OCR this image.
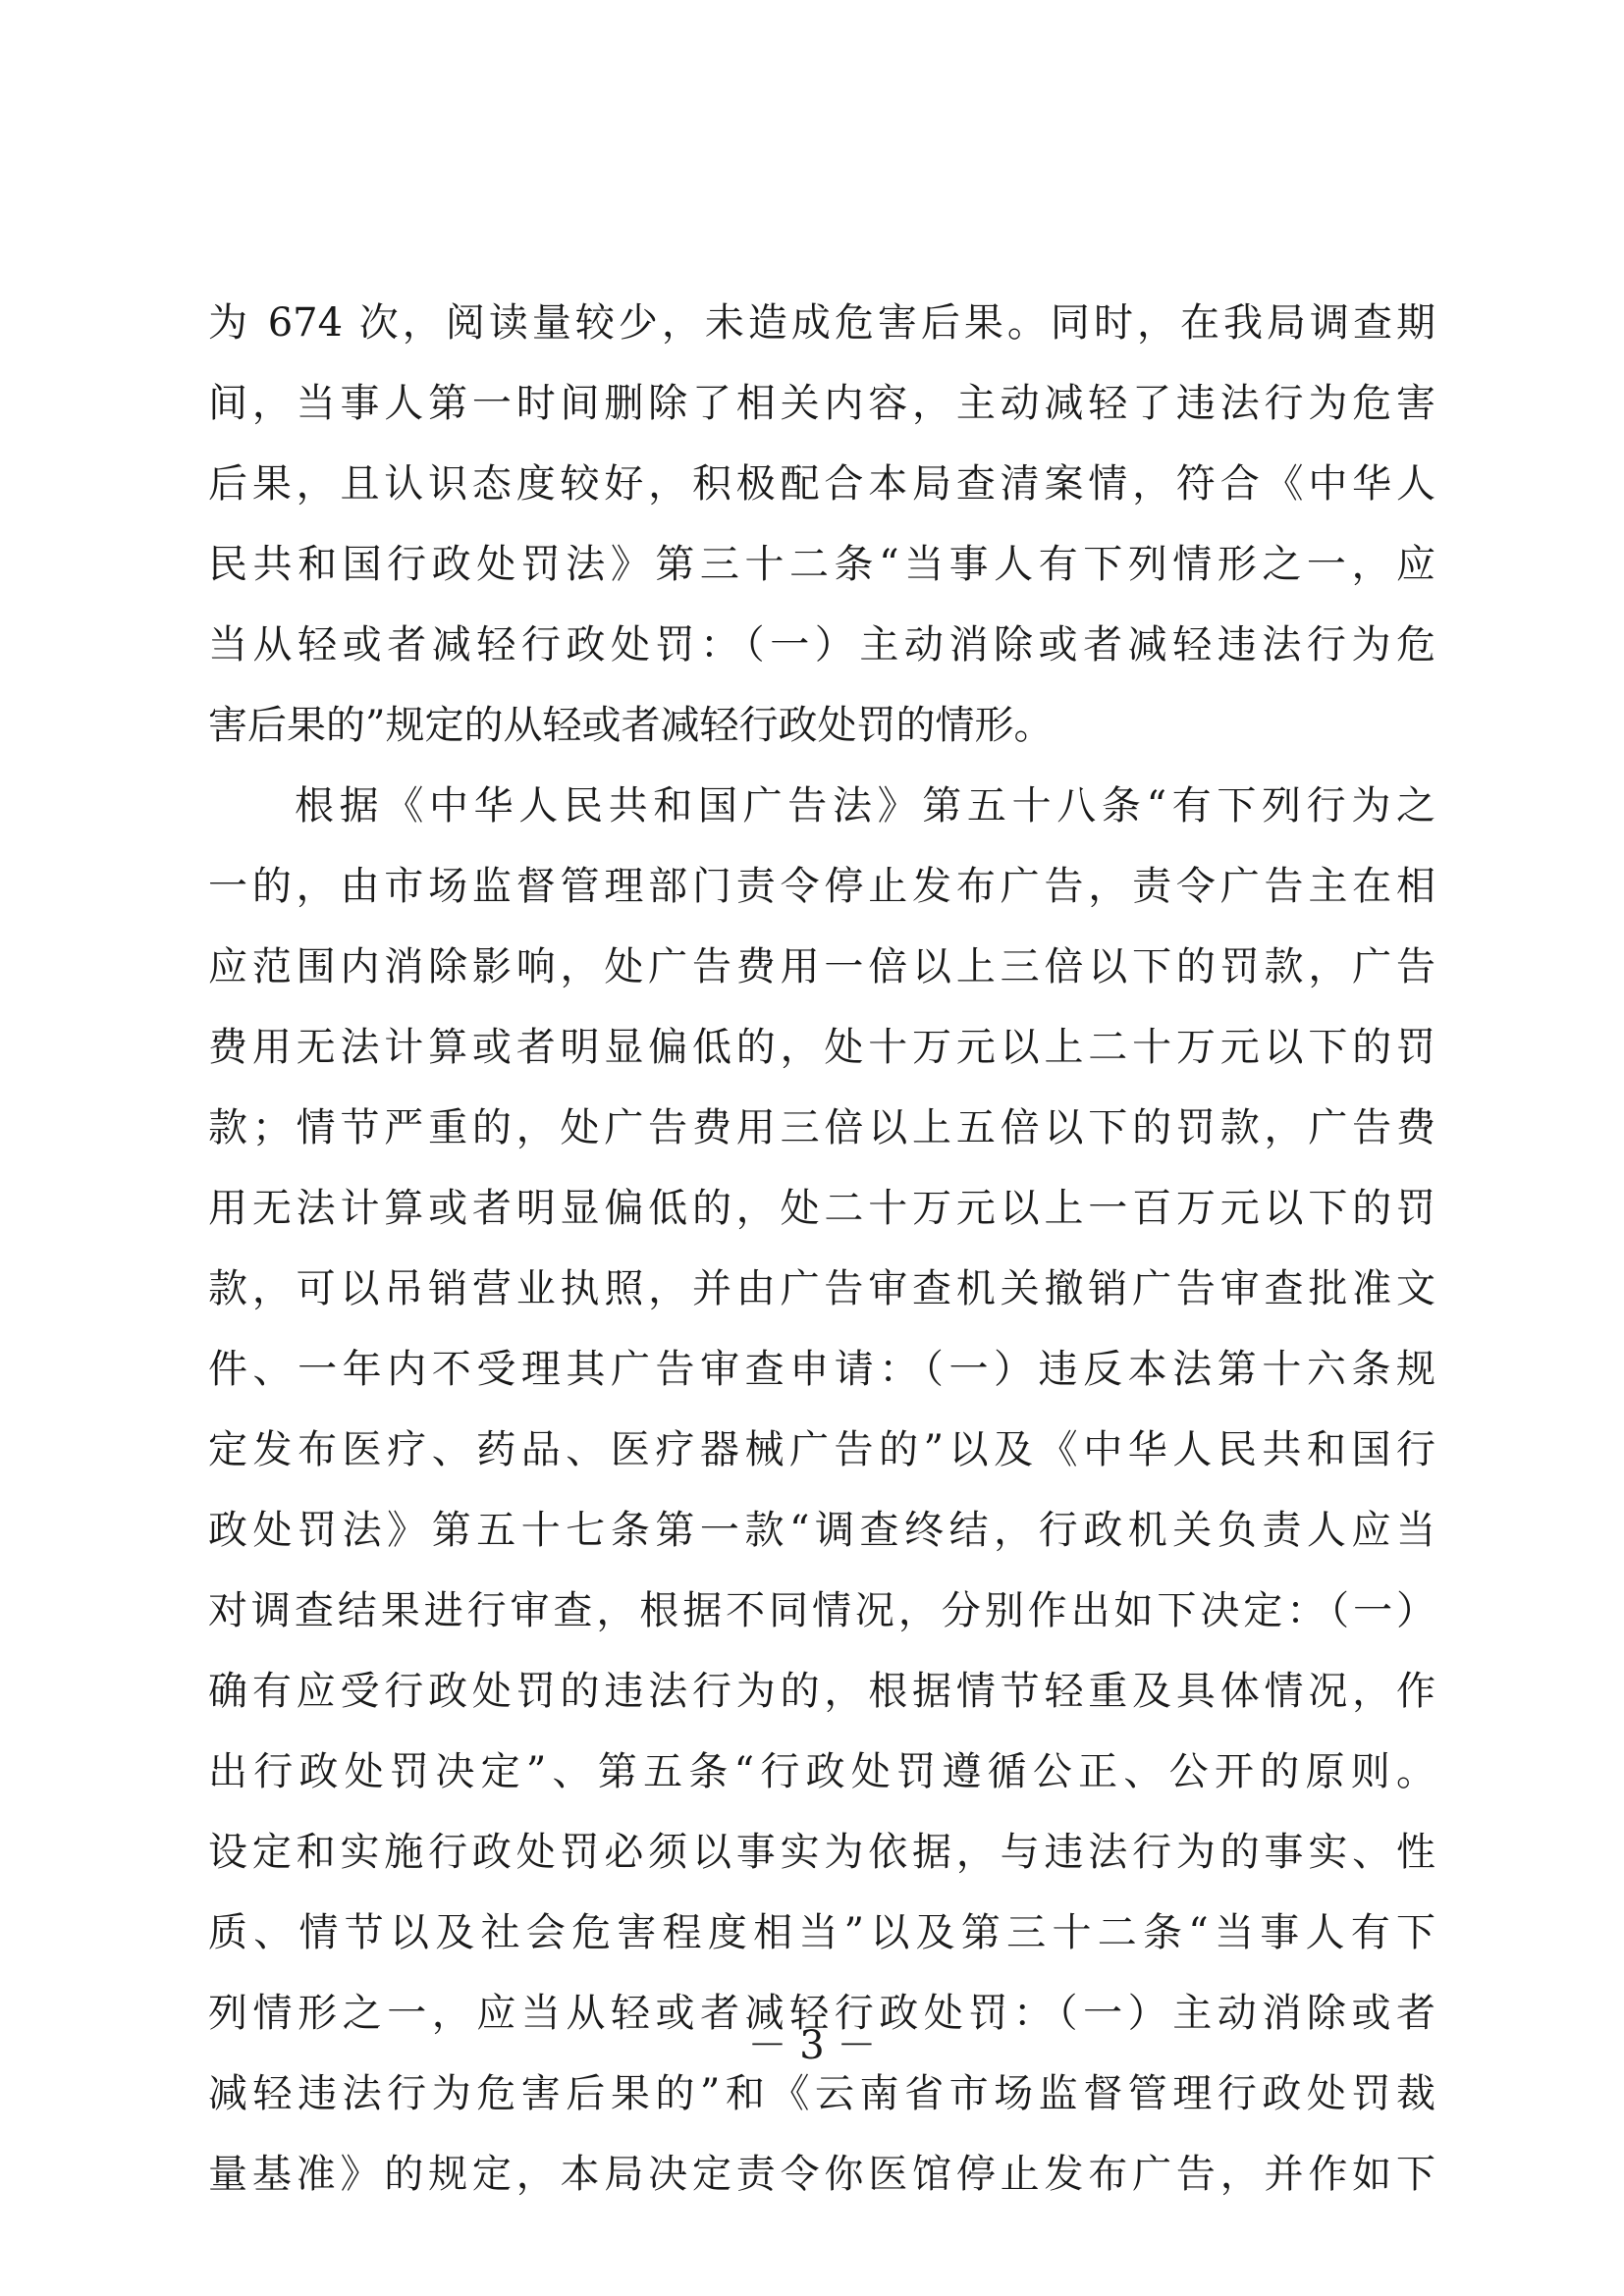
为 674 次，阅读量较少，未造成危害后果。同时，在我局调查期
间，当事人第一时间删除了相关内容，主动减轻了违法行为危害
后果，且认识态度较好，积极配合本局查清案情，符合《中华人
民共和国行政处罚法》第三十二条“当事人有下列情形之一，应
当从轻或者减轻行政处罚：（一）主动消除或者减轻违法行为危
害后果的”规定的从轻或者减轻行政处罚的情形。
根据《中华人民共和国广告法》第五十八条“有下列行为之
一的，由市场监督管理部门责令停止发布广告，责令广告主在相
应范围内消除影响，处广告费用一倍以上三倍以下的罚款，广告
费用无法计算或者明显偏低的，处十万元以上二十万元以下的罚
款；情节严重的，处广告费用三倍以上五倍以下的罚款，广告费
用无法计算或者明显偏低的，处二十万元以上一百万元以下的罚
款，可以吊销营业执照，并由广告审查机关撤销广告审查批准文
件、一年内不受理其广告审查申请：（一）违反本法第十六条规
定发布医疗、药品、医疗器械广告的”以及《中华人民共和国行
政处罚法》第五十七条第一款“调查终结，行政机关负责人应当
对调查结果进行审查，根据不同情况，分别作出如下决定：（一）
确有应受行政处罚的违法行为的，根据情节轻重及具体情况，作
出行政处罚决定”、第五条“行政处罚遵循公正、公开的原则。
设定和实施行政处罚必须以事实为依据，与违法行为的事实、性
质、情节以及社会危害程度相当”以及第三十二条“当事人有下
列情形之一，应当从轻或者减轻行政处罚：（一）主动消除或者
减轻违法行为危害后果的”和《云南省市场监督管理行政处罚裁
量基准》的规定，本局决定责令你医馆停止发布广告，并作如下
－ 3 －
